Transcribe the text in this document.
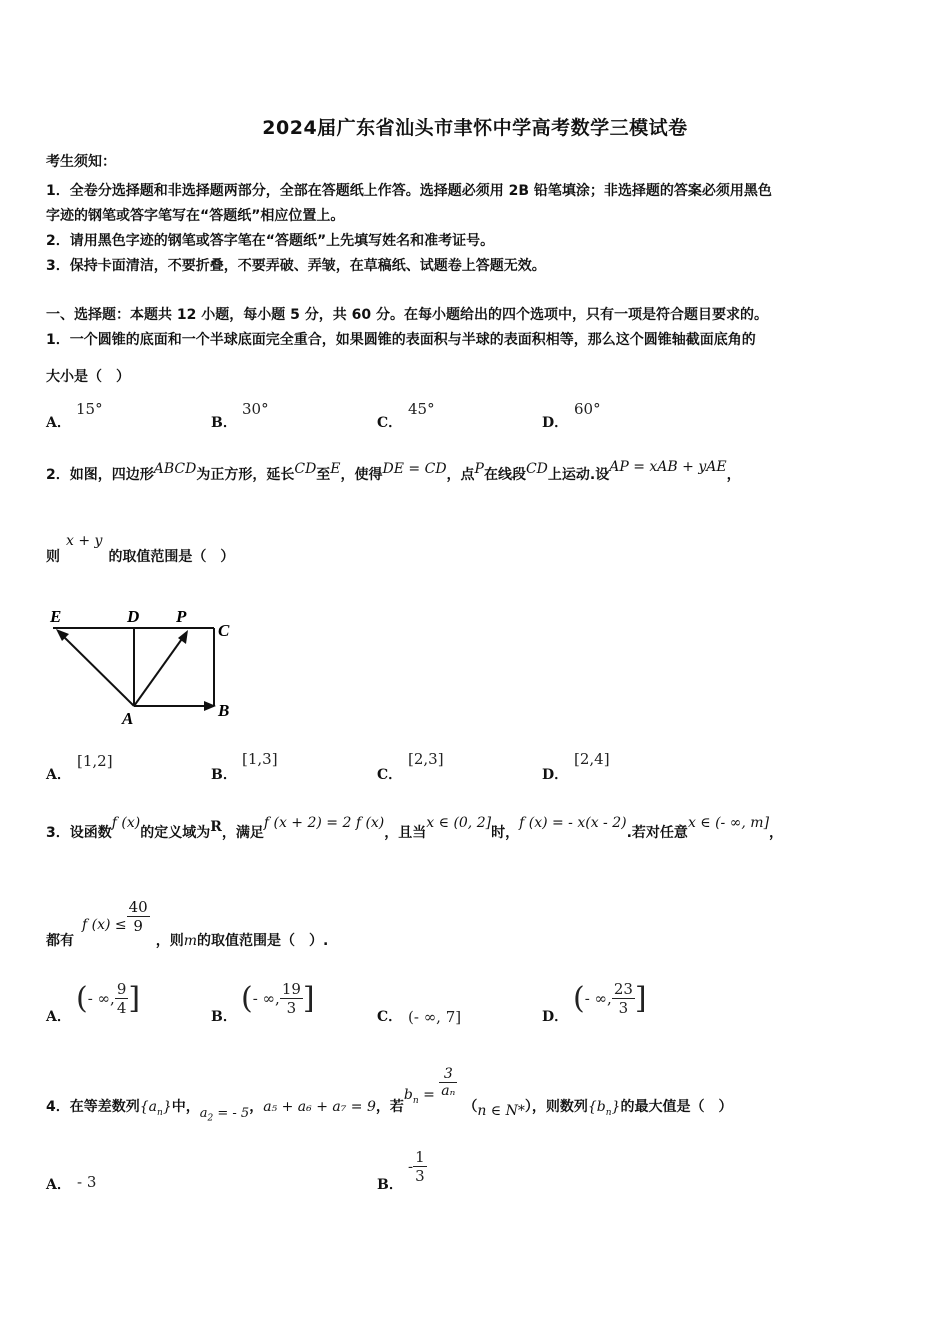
2024届广东省汕头市聿怀中学高考数学三模试卷
考生须知：
1．全卷分选择题和非选择题两部分，全部在答题纸上作答。选择题必须用 2B 铅笔填涂；非选择题的答案必须用黑色
字迹的钢笔或答字笔写在“答题纸”相应位置上。
2．请用黑色字迹的钢笔或答字笔在“答题纸”上先填写姓名和准考证号。
3．保持卡面清洁，不要折叠，不要弄破、弄皱，在草稿纸、试题卷上答题无效。
一、选择题：本题共 12 小题，每小题 5 分，共 60 分。在每小题给出的四个选项中，只有一项是符合题目要求的。
1．一个圆锥的底面和一个半球底面完全重合，如果圆锥的表面积与半球的表面积相等，那么这个圆锥轴截面底角的
大小是（　）
A．
15°
B．
30°
C．
45°
D．
60°
2．如图，四边形ABCD为正方形，延长CD至E，使得DE = CD，点P在线段CD上运动.设AP = xAB + yAE，
则x + y的取值范围是（　）
E	D P
C
A	B
A．
[1,2]
B．
[1,3]
C．
[2,3]
D．
[2,4]
3．设函数f (x)的定义域为R，满足f (x + 2) = 2 f (x)，且当x ∈ (0, 2]时，f (x) = - x(x - 2).若对任意x ∈ (- ∞, m]，
都有f $(x) \le \frac{40}{9}$
，则m的取值范围是（　）.
A．
(- ∞, $\frac{9}{4}$ ]
B．
(- ∞, $\frac{19}{3}$ ]
C． (- ∞, 7]	D．
(- ∞, $\frac{23}{3}$ ]
4．在等差数列$\{a_n\}$中，$a_2$ = - 5，a₅ + a₆ + a₇ = 9，若$b_n = \frac{3}{\text{aₙ}}$
（n ∈ N*），则数列$\{b_n\}$的最大值是（　）
A． - 3	B．
- $\frac{1}{3}$
